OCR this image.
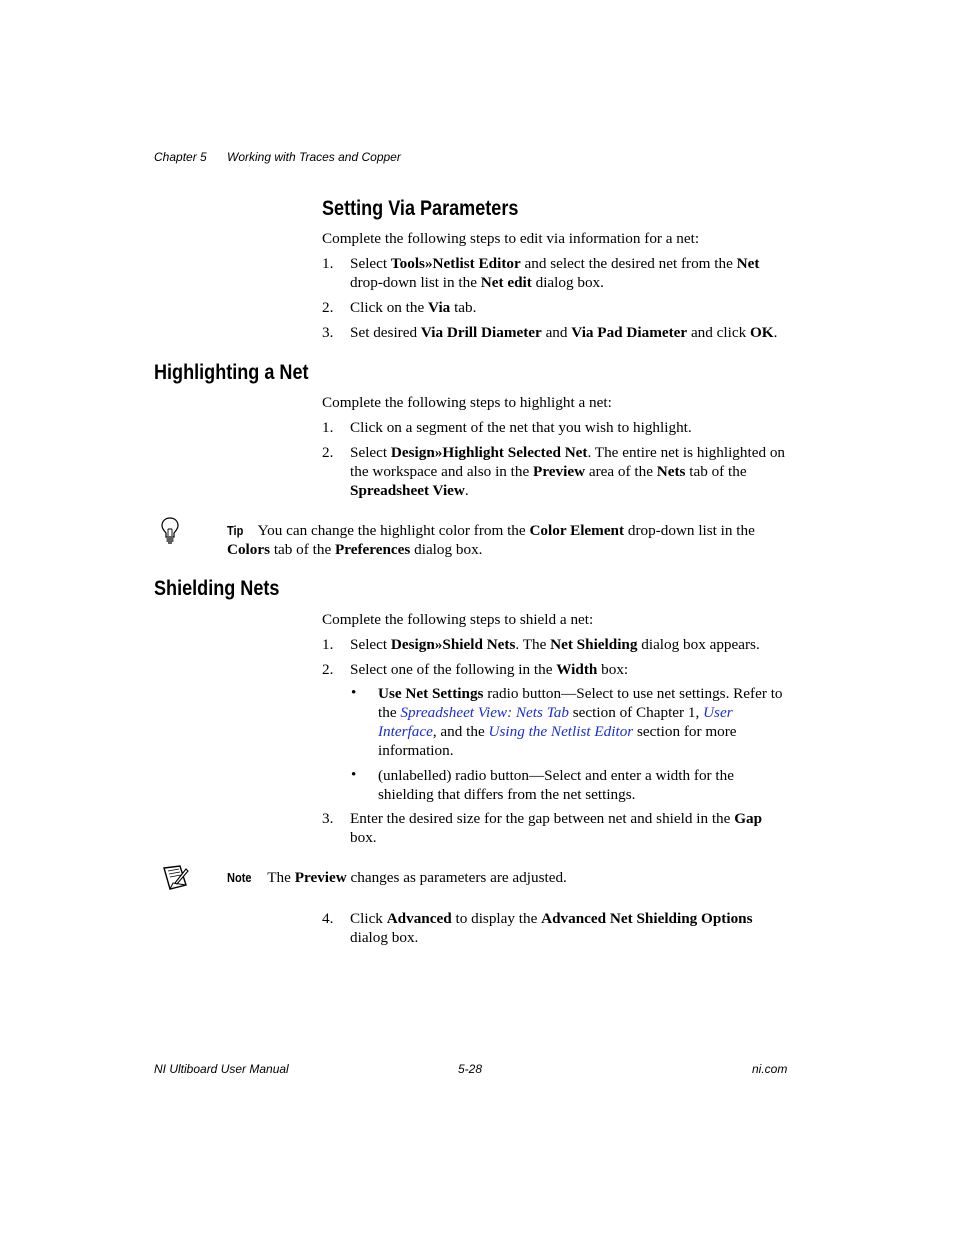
Chapter 5 Working with Traces and Copper
Setting Via Parameters
Complete the following steps to edit via information for a net:
1. Select Tools»Netlist Editor and select the desired net from the Net drop-down list in the Net edit dialog box.
2. Click on the Via tab.
3. Set desired Via Drill Diameter and Via Pad Diameter and click OK.
Highlighting a Net
Complete the following steps to highlight a net:
1. Click on a segment of the net that you wish to highlight.
2. Select Design»Highlight Selected Net. The entire net is highlighted on the workspace and also in the Preview area of the Nets tab of the Spreadsheet View.
Tip You can change the highlight color from the Color Element drop-down list in the Colors tab of the Preferences dialog box.
Shielding Nets
Complete the following steps to shield a net:
1. Select Design»Shield Nets. The Net Shielding dialog box appears.
2. Select one of the following in the Width box:
• Use Net Settings radio button—Select to use net settings. Refer to the Spreadsheet View: Nets Tab section of Chapter 1, User Interface, and the Using the Netlist Editor section for more information.
• (unlabelled) radio button—Select and enter a width for the shielding that differs from the net settings.
3. Enter the desired size for the gap between net and shield in the Gap box.
Note The Preview changes as parameters are adjusted.
4. Click Advanced to display the Advanced Net Shielding Options dialog box.
NI Ultiboard User Manual	5-28	ni.com
